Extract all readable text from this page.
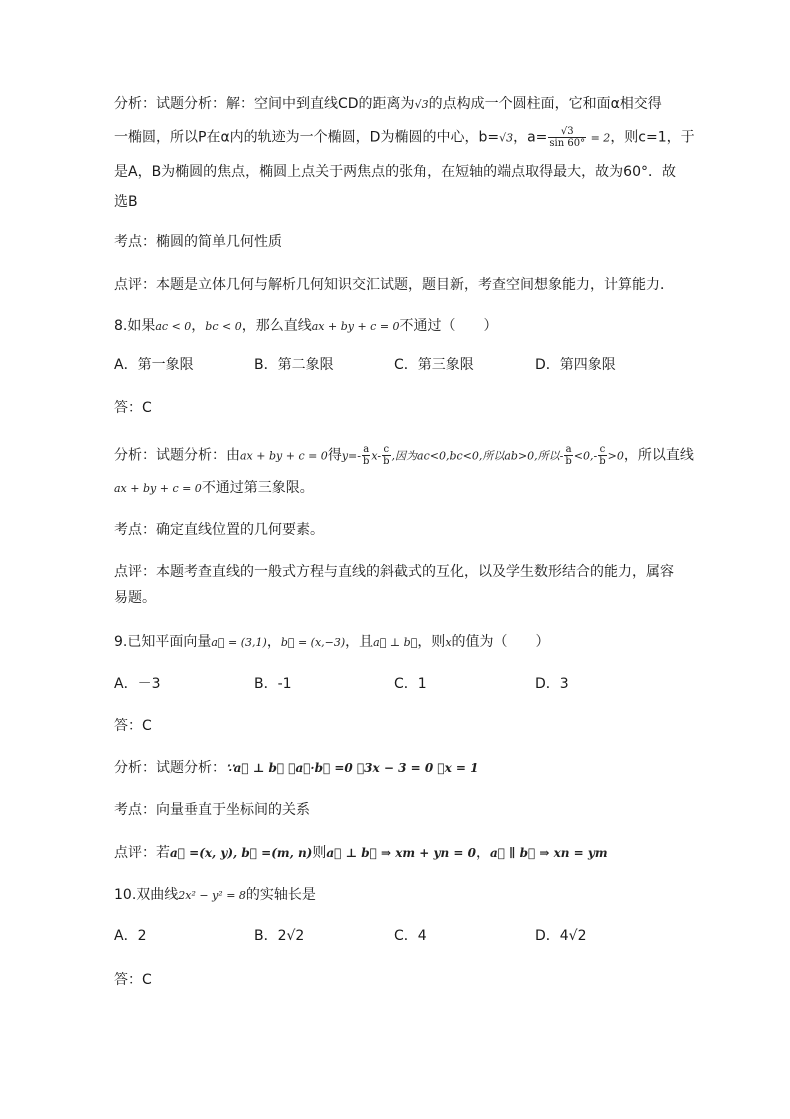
分析：试题分析：解：空间中到直线CD的距离为√3的点构成一个圆柱面，它和面α相交得
一椭圆，所以P在α内的轨迹为一个椭圆，D为椭圆的中心，b=√3，$a= \frac{√3}{\sin 60^\circ} = 2$，则c=1，于
是A，B为椭圆的焦点，椭圆上点关于两焦点的张角，在短轴的端点取得最大，故为60°．故
选B
考点：椭圆的简单几何性质
点评：本题是立体几何与解析几何知识交汇试题，题目新，考查空间想象能力，计算能力．
8.如果ac < 0，bc < 0，那么直线ax + by + c = 0不通过（　　）
A．第一象限	B．第二象限	C．第三象限	D．第四象限
答：C
分析：试题分析：由ax + by + c = 0得$y=- \frac{a}{b} x- \frac{c}{b}$ ,因为ac<0,bc<0,所以ab>0,所以- $\frac{a}{b} <0,- \frac{c}{b} >0$，所以直线
ax + by + c = 0不通过第三象限。
考点：确定直线位置的几何要素。
点评：本题考查直线的一般式方程与直线的斜截式的互化，以及学生数形结合的能力，属容
易题。
9.已知平面向量a⃗ = (3,1)，b⃗ = (x,−3)，且a⃗ ⊥ b⃗，则x的值为（　　）
A．－3	B．-1	C．1	D．3
答：C
分析：试题分析：∵a⃗ ⊥ b⃗ ∴a⃗·b⃗ =0 ∴3x − 3 = 0 ∴x = 1
考点：向量垂直于坐标间的关系
点评：若a⃗ =(x, y), b⃗ =(m, n)则a⃗ ⊥ b⃗ ⇒ xm + yn = 0，a⃗ ∥ b⃗ ⇒ xn = ym
10.双曲线2x² − y² = 8的实轴长是
A．2	B．2√2	C．4	D．4√2
答：C
